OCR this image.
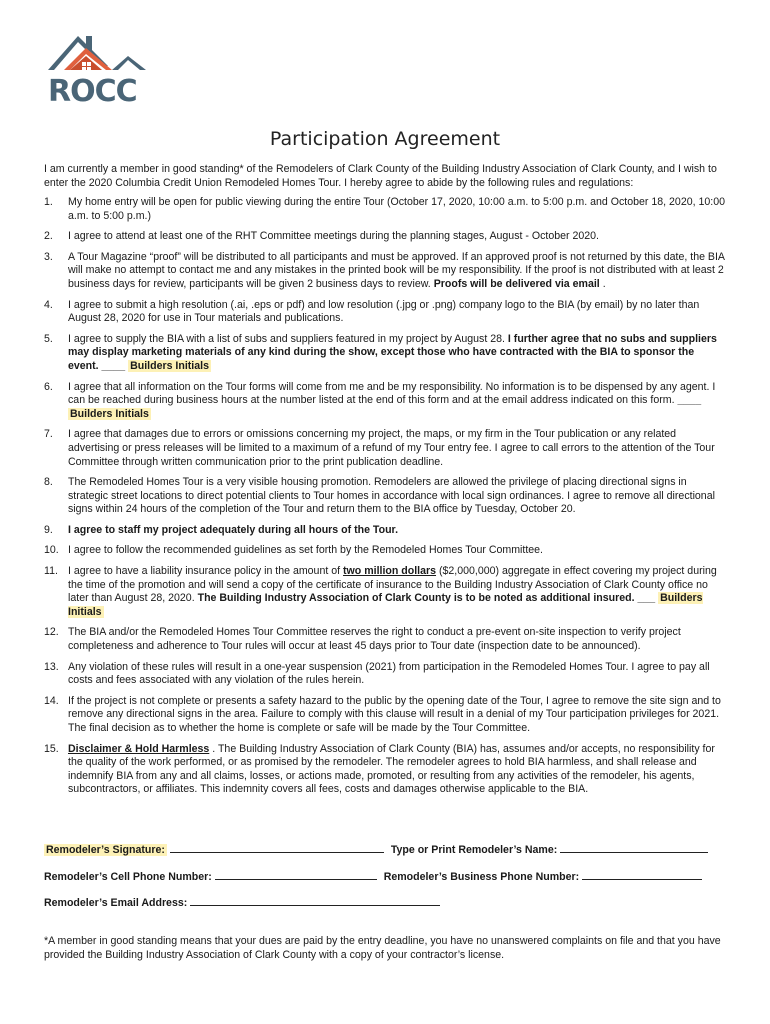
ROCC
Participation Agreement

I am currently a member in good standing* of the Remodelers of Clark County of the Building Industry Association of Clark County, and I wish to enter the 2020 Columbia Credit Union Remodeled Homes Tour. I hereby agree to abide by the following rules and regulations:

1. My home entry will be open for public viewing during the entire Tour (October 17, 2020, 10:00 a.m. to 5:00 p.m. and October 18, 2020, 10:00 a.m. to 5:00 p.m.)
2. I agree to attend at least one of the RHT Committee meetings during the planning stages, August - October 2020.
3. A Tour Magazine “proof” will be distributed to all participants and must be approved. If an approved proof is not returned by this date, the BIA will make no attempt to contact me and any mistakes in the printed book will be my responsibility. If the proof is not distributed with at least 2 business days for review, participants will be given 2 business days to review. Proofs will be delivered via email .
4. I agree to submit a high resolution (.ai, .eps or pdf) and low resolution (.jpg or .png) company logo to the BIA (by email) by no later than August 28, 2020 for use in Tour materials and publications.
5. I agree to supply the BIA with a list of subs and suppliers featured in my project by August 28. I further agree that no subs and suppliers may display marketing materials of any kind during the show, except those who have contracted with the BIA to sponsor the event. ____ Builders Initials
6. I agree that all information on the Tour forms will come from me and be my responsibility. No information is to be dispensed by any agent. I can be reached during business hours at the number listed at the end of this form and at the email address indicated on this form. ____ Builders Initials
7. I agree that damages due to errors or omissions concerning my project, the maps, or my firm in the Tour publication or any related advertising or press releases will be limited to a maximum of a refund of my Tour entry fee. I agree to call errors to the attention of the Tour Committee through written communication prior to the print publication deadline.
8. The Remodeled Homes Tour is a very visible housing promotion. Remodelers are allowed the privilege of placing directional signs in strategic street locations to direct potential clients to Tour homes in accordance with local sign ordinances. I agree to remove all directional signs within 24 hours of the completion of the Tour and return them to the BIA office by Tuesday, October 20.
9. I agree to staff my project adequately during all hours of the Tour.
10. I agree to follow the recommended guidelines as set forth by the Remodeled Homes Tour Committee.
11. I agree to have a liability insurance policy in the amount of two million dollars ($2,000,000) aggregate in effect covering my project during the time of the promotion and will send a copy of the certificate of insurance to the Building Industry Association of Clark County office no later than August 28, 2020. The Building Industry Association of Clark County is to be noted as additional insured. ___ Builders Initials
12. The BIA and/or the Remodeled Homes Tour Committee reserves the right to conduct a pre-event on-site inspection to verify project completeness and adherence to Tour rules will occur at least 45 days prior to Tour date (inspection date to be announced).
13. Any violation of these rules will result in a one-year suspension (2021) from participation in the Remodeled Homes Tour. I agree to pay all costs and fees associated with any violation of the rules herein.
14. If the project is not complete or presents a safety hazard to the public by the opening date of the Tour, I agree to remove the site sign and to remove any directional signs in the area. Failure to comply with this clause will result in a denial of my Tour participation privileges for 2021. The final decision as to whether the home is complete or safe will be made by the Tour Committee.
15. Disclaimer & Hold Harmless . The Building Industry Association of Clark County (BIA) has, assumes and/or accepts, no responsibility for the quality of the work performed, or as promised by the remodeler. The remodeler agrees to hold BIA harmless, and shall release and indemnify BIA from any and all claims, losses, or actions made, promoted, or resulting from any activities of the remodeler, his agents, subcontractors, or affiliates. This indemnity covers all fees, costs and damages otherwise applicable to the BIA.
Remodeler’s Signature:	Type or Print Remodeler’s Name:
Remodeler’s Cell Phone Number:	Remodeler’s Business Phone Number:
Remodeler’s Email Address:

*A member in good standing means that your dues are paid by the entry deadline, you have no unanswered complaints on file and that you have provided the Building Industry Association of Clark County with a copy of your contractor’s license.
